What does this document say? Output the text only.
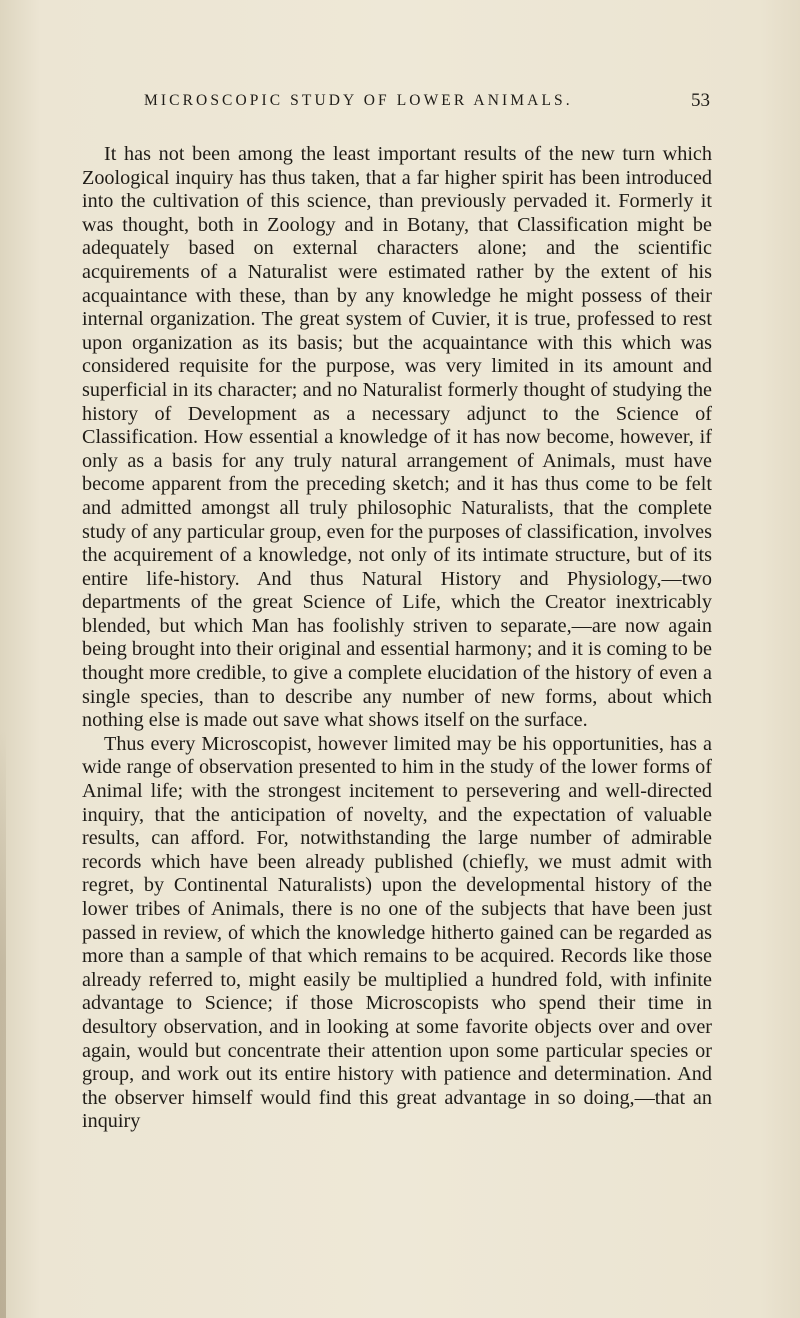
MICROSCOPIC STUDY OF LOWER ANIMALS.	53

It has not been among the least important results of the new turn which Zoological inquiry has thus taken, that a far higher spirit has been introduced into the cultivation of this science, than previously pervaded it. Formerly it was thought, both in Zoology and in Botany, that Classification might be adequately based on external characters alone; and the scientific acquirements of a Naturalist were estimated rather by the extent of his acquaintance with these, than by any knowledge he might possess of their internal organization. The great system of Cuvier, it is true, professed to rest upon organization as its basis; but the acquaintance with this which was considered requisite for the purpose, was very limited in its amount and superficial in its character; and no Naturalist formerly thought of studying the history of Development as a necessary adjunct to the Science of Classification. How essential a knowledge of it has now become, however, if only as a basis for any truly natural arrangement of Animals, must have become apparent from the preceding sketch; and it has thus come to be felt and admitted amongst all truly philosophic Naturalists, that the complete study of any particular group, even for the purposes of classification, involves the acquirement of a knowledge, not only of its intimate structure, but of its entire life-history. And thus Natural History and Physiology,—two departments of the great Science of Life, which the Creator inextricably blended, but which Man has foolishly striven to separate,—are now again being brought into their original and essential harmony; and it is coming to be thought more credible, to give a complete elucidation of the history of even a single species, than to describe any number of new forms, about which nothing else is made out save what shows itself on the surface.

Thus every Microscopist, however limited may be his opportunities, has a wide range of observation presented to him in the study of the lower forms of Animal life; with the strongest incitement to persevering and well-directed inquiry, that the anticipation of novelty, and the expectation of valuable results, can afford. For, notwithstanding the large number of admirable records which have been already published (chiefly, we must admit with regret, by Continental Naturalists) upon the developmental history of the lower tribes of Animals, there is no one of the subjects that have been just passed in review, of which the knowledge hitherto gained can be regarded as more than a sample of that which remains to be acquired. Records like those already referred to, might easily be multiplied a hundred fold, with infinite advantage to Science; if those Microscopists who spend their time in desultory observation, and in looking at some favorite objects over and over again, would but concentrate their attention upon some particular species or group, and work out its entire history with patience and determination. And the observer himself would find this great advantage in so doing,—that an inquiry
